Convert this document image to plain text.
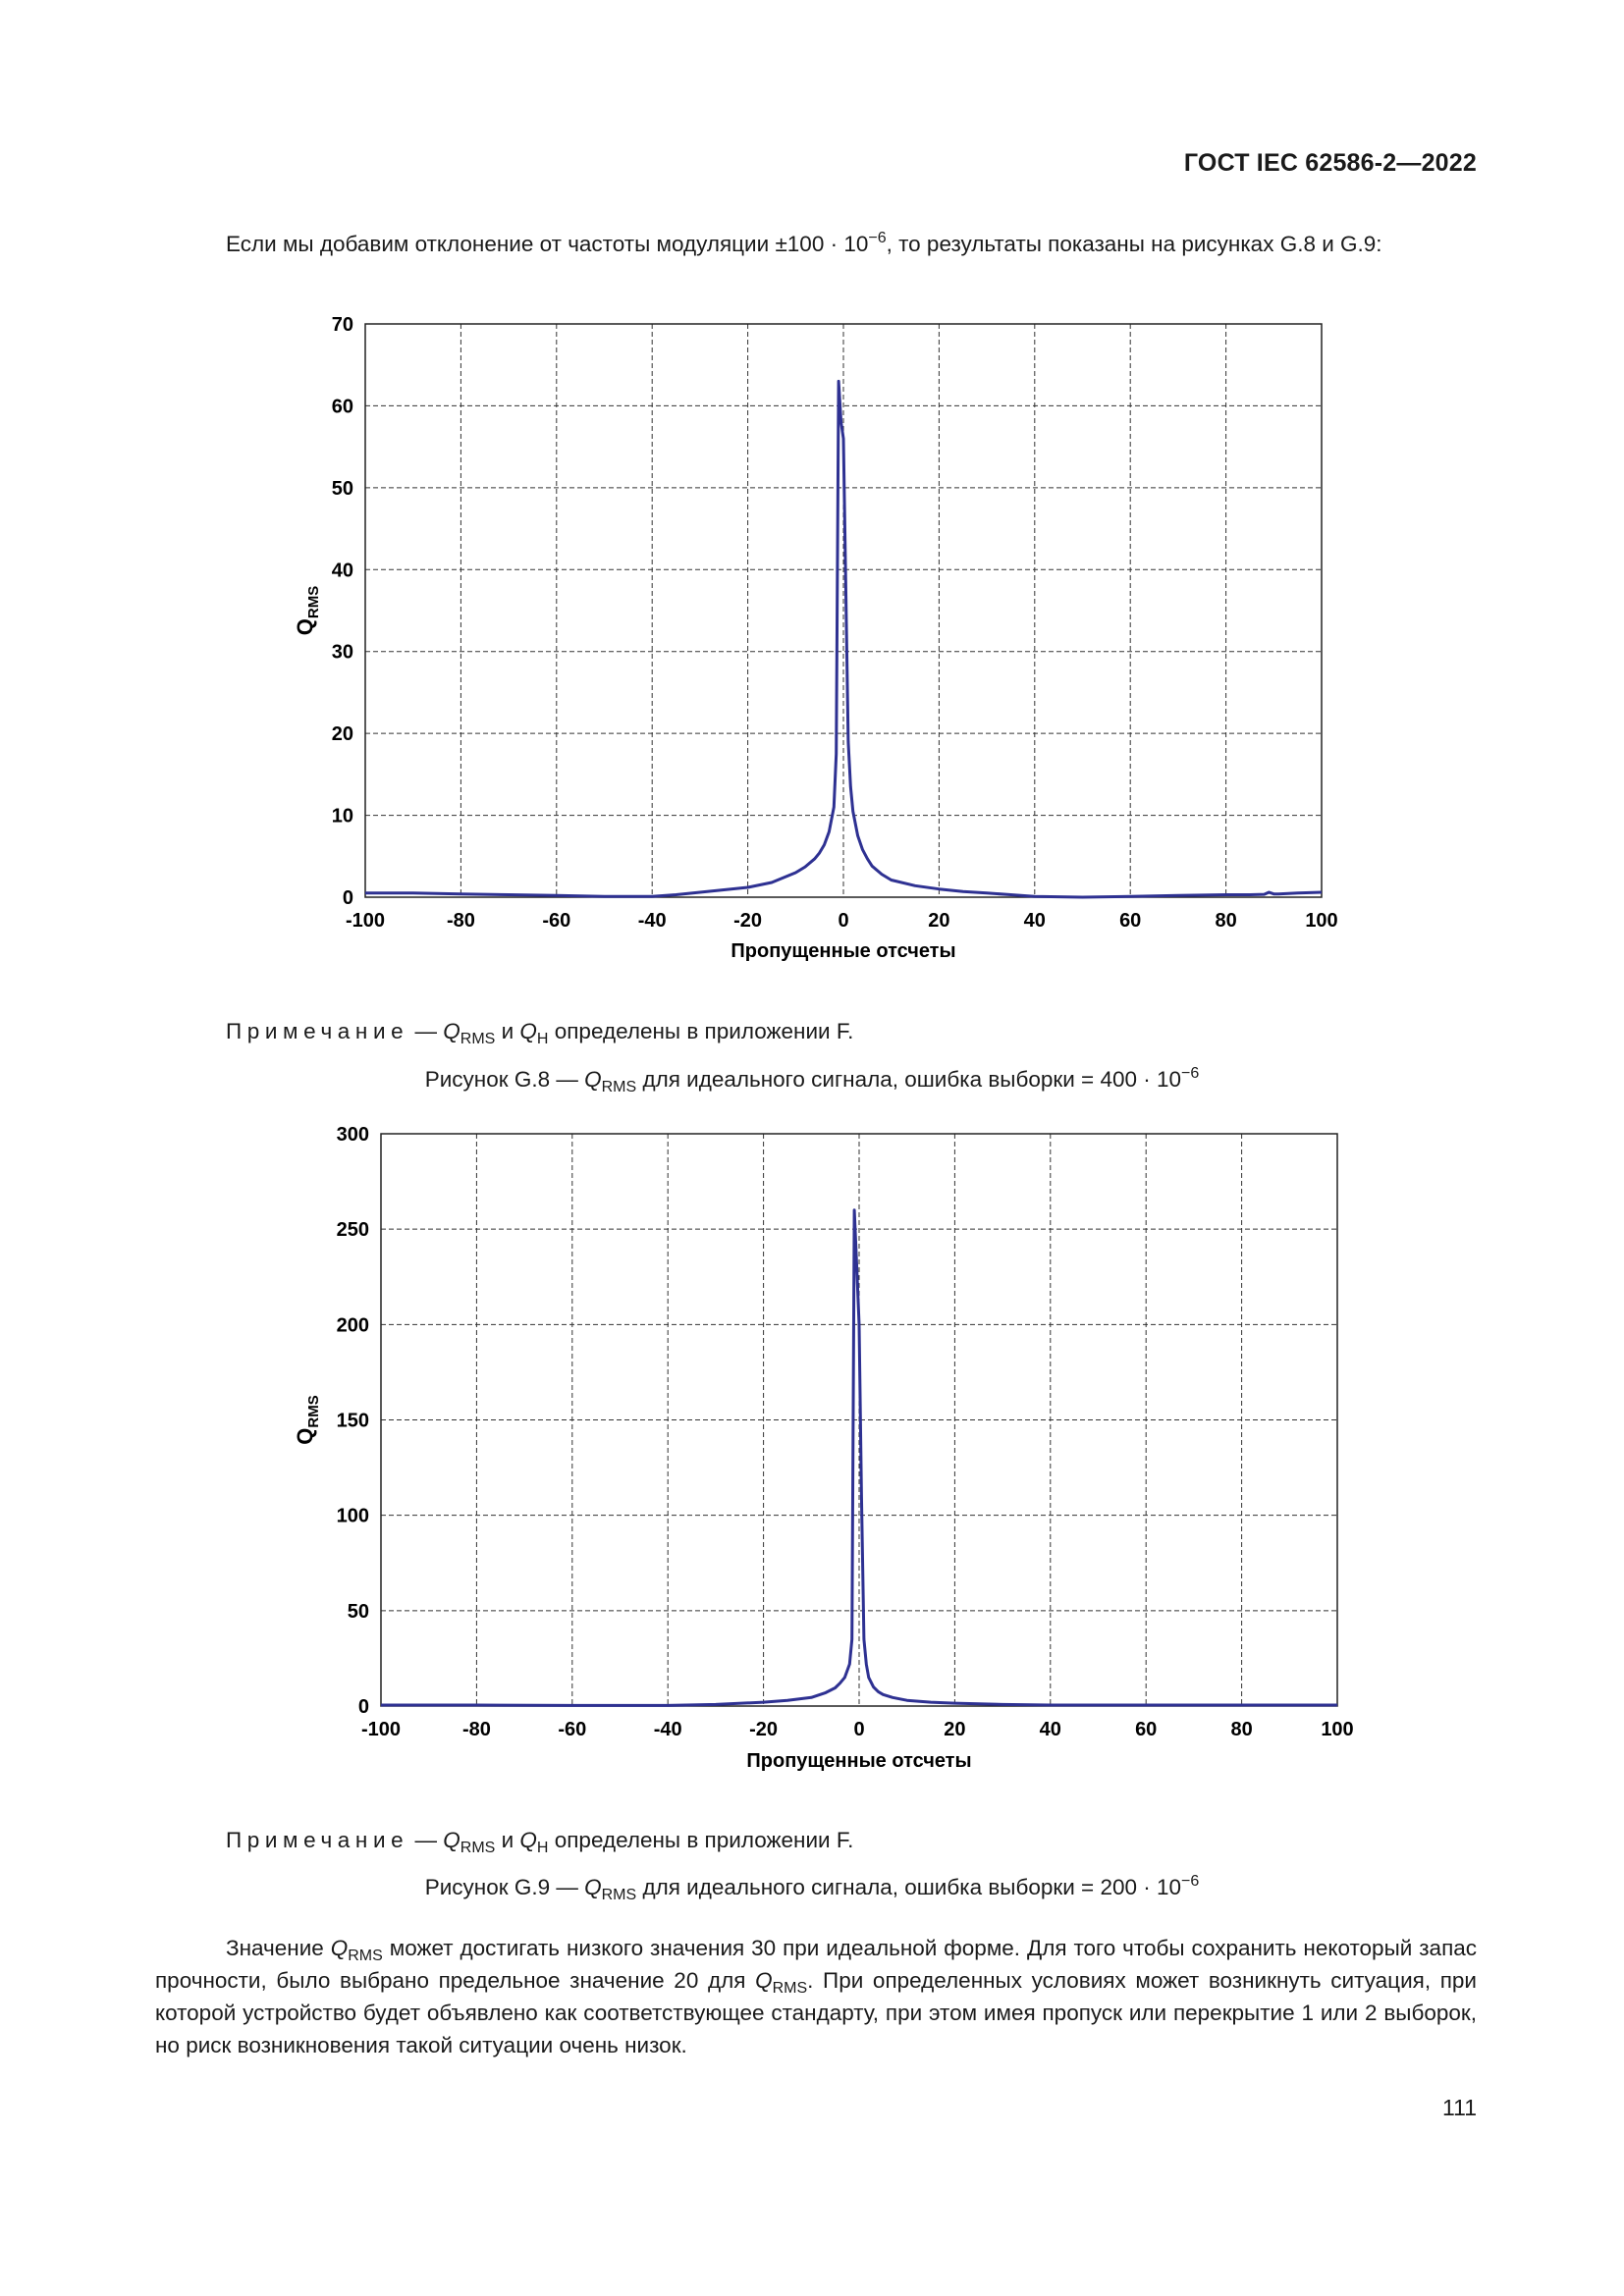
ГОСТ IEC 62586-2—2022

Если мы добавим отклонение от частоты модуляции $\pm 100 \cdot 10^{-6}$, то результаты показаны на рисунках G.8 и G.9:

-100	-80	-60	-40	-20	0	20	40	60	80	100
0
10
20
30
40
50
60
70
Пропущенные отсчеты
$Q_{RMS}$

Примечание — $Q_{RMS}$ и $Q_H$ определены в приложении F.

Рисунок G.8 — $Q_{RMS}$ для идеального сигнала, ошибка выборки = $400 \cdot 10^{-6}$

-100	-80	-60	-40	-20	0	20	40	60	80	100
0
50
100
150
200
250
300
Пропущенные отсчеты
$Q_{RMS}$

Примечание — $Q_{RMS}$ и $Q_H$ определены в приложении F.

Рисунок G.9 — $Q_{RMS}$ для идеального сигнала, ошибка выборки = $200 \cdot 10^{-6}$

Значение $Q_{RMS}$ может достигать низкого значения 30 при идеальной форме. Для того чтобы сохранить некоторый запас прочности, было выбрано предельное значение 20 для $Q_{RMS}$. При определенных условиях может возникнуть ситуация, при которой устройство будет объявлено как соответствующее стандарту, при этом имея пропуск или перекрытие 1 или 2 выборок, но риск возникновения такой ситуации очень низок.

111
